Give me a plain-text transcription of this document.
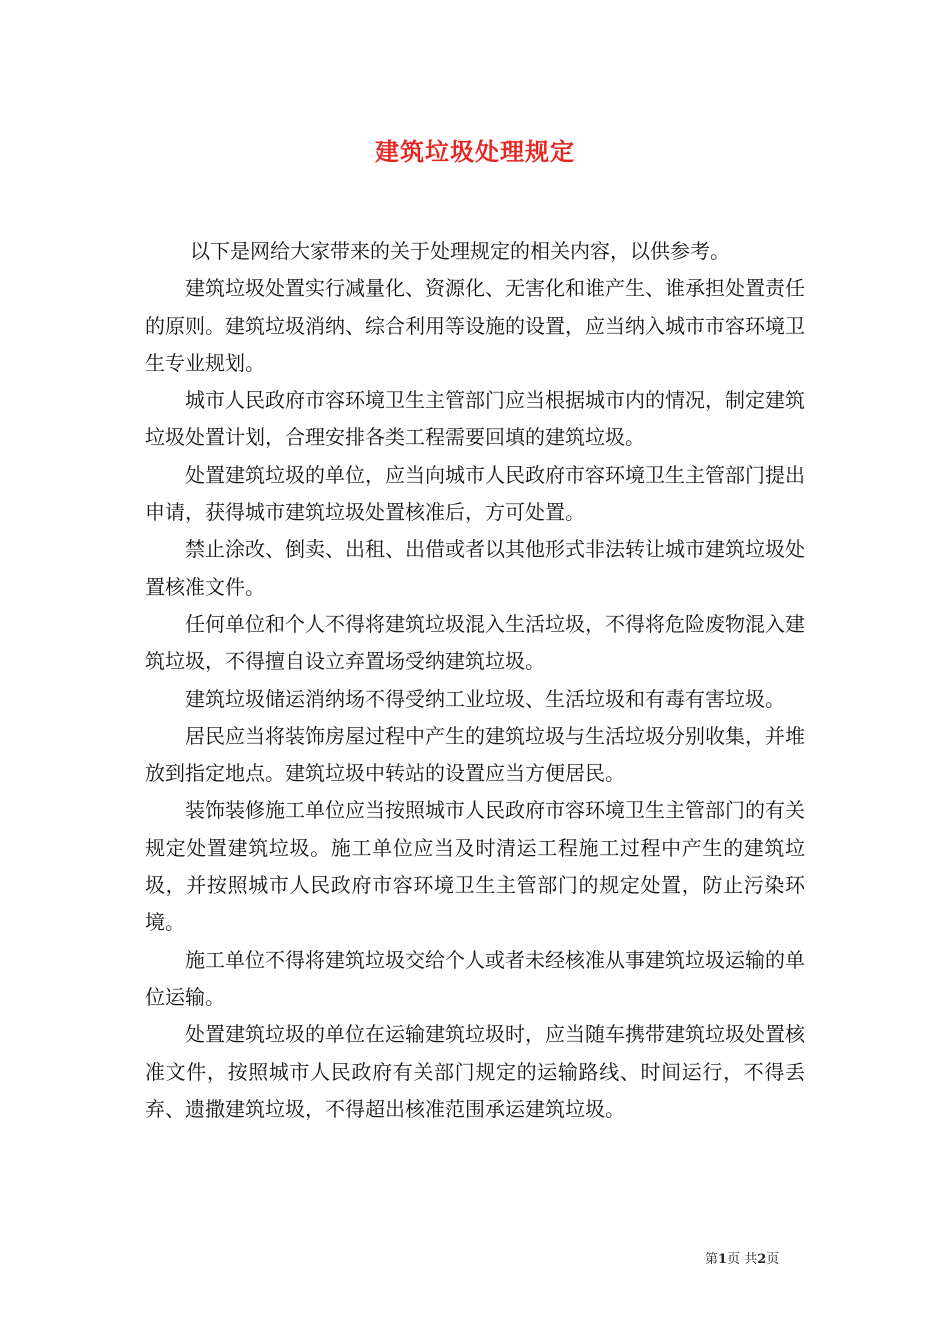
建筑垃圾处理规定

以下是网给大家带来的关于处理规定的相关内容，以供参考。

建筑垃圾处置实行减量化、资源化、无害化和谁产生、谁承担处置责任的原则。建筑垃圾消纳、综合利用等设施的设置，应当纳入城市市容环境卫生专业规划。

城市人民政府市容环境卫生主管部门应当根据城市内的情况，制定建筑垃圾处置计划，合理安排各类工程需要回填的建筑垃圾。

处置建筑垃圾的单位，应当向城市人民政府市容环境卫生主管部门提出申请，获得城市建筑垃圾处置核准后，方可处置。

禁止涂改、倒卖、出租、出借或者以其他形式非法转让城市建筑垃圾处置核准文件。

任何单位和个人不得将建筑垃圾混入生活垃圾，不得将危险废物混入建筑垃圾，不得擅自设立弃置场受纳建筑垃圾。

建筑垃圾储运消纳场不得受纳工业垃圾、生活垃圾和有毒有害垃圾。

居民应当将装饰房屋过程中产生的建筑垃圾与生活垃圾分别收集，并堆放到指定地点。建筑垃圾中转站的设置应当方便居民。

装饰装修施工单位应当按照城市人民政府市容环境卫生主管部门的有关规定处置建筑垃圾。施工单位应当及时清运工程施工过程中产生的建筑垃圾，并按照城市人民政府市容环境卫生主管部门的规定处置，防止污染环境。

施工单位不得将建筑垃圾交给个人或者未经核准从事建筑垃圾运输的单位运输。

处置建筑垃圾的单位在运输建筑垃圾时，应当随车携带建筑垃圾处置核准文件，按照城市人民政府有关部门规定的运输路线、时间运行，不得丢弃、遗撒建筑垃圾，不得超出核准范围承运建筑垃圾。

第1页 共2页
